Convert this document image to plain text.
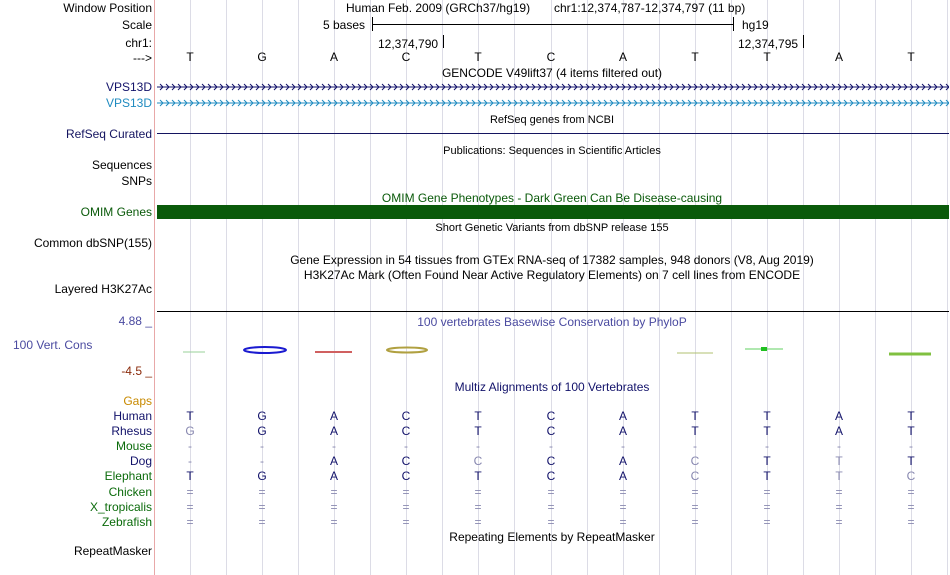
Window Position	Human Feb. 2009 (GRCh37/hg19) chr1:12,374,787-12,374,797 (11 bp)
Scale	5 bases	hg19
chr1:	12,374,790	12,374,795
--->	T	G	A	C	T	C	A	T	T	A	T
GENCODE V49lift37 (4 items filtered out)
VPS13D
VPS13D
RefSeq genes from NCBI
RefSeq Curated
Publications: Sequences in Scientific Articles
Sequences
SNPs
OMIM Gene Phenotypes - Dark Green Can Be Disease-causing
OMIM Genes
Short Genetic Variants from dbSNP release 155
Common dbSNP(155)
Gene Expression in 54 tissues from GTEx RNA-seq of 17382 samples, 948 donors (V8, Aug 2019)
H3K27Ac Mark (Often Found Near Active Regulatory Elements) on 7 cell lines from ENCODE
Layered H3K27Ac
4.88 _	100 vertebrates Basewise Conservation by PhyloP
100 Vert. Cons
-4.5 _
Multiz Alignments of 100 Vertebrates
Gaps
Human	T	G	A	C	T	C	A	T	T	A	T
Rhesus	G	G	A	C	T	C	A	T	T	A	T
Mouse	-	-	-	-	-	-	-	-	-	-	-
Dog	-	-	A	C	C	C	A	C	T	T	T
Elephant	T	G	A	C	T	C	A	C	T	T	C
Chicken	=	=	=	=	=	=	=	=	=	=	=
X_tropicalis	=	=	=	=	=	=	=	=	=	=	=
Zebrafish	=	=	=	=	=	=	=	=	=	=	=
Repeating Elements by RepeatMasker
RepeatMasker
